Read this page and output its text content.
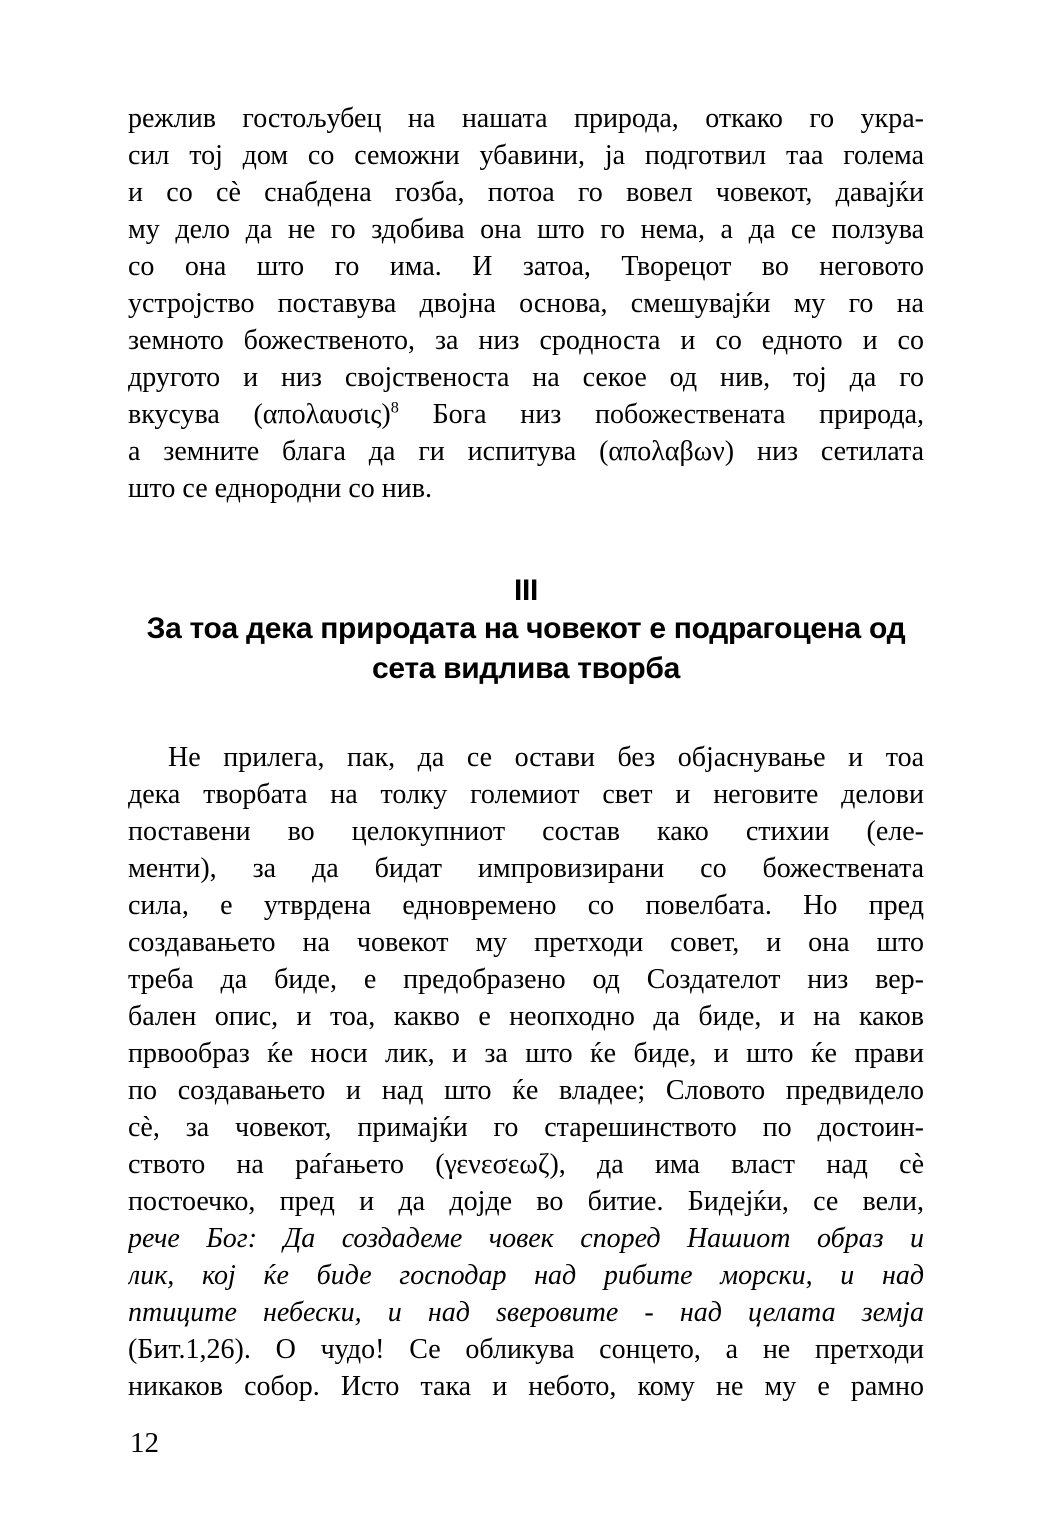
режлив гостољубец на нашата природа, откако го укра-
сил тој дом со семожни убавини, ја подготвил таа голема
и со сѐ снабдена гозба, потоа го вовел човекот, давајќи
му дело да не го здобива она што го нема, а да се ползува
со она што го има. И затоа, Творецот во неговото
устројство поставува двојна основа, смешувајќи му го на
земното божественото, за низ сродноста и со едното и со
другото и низ својственоста на секое од нив, тој да го
вкусува $(\alpha\pi o\lambda\alpha\upsilon\sigma\iota\varsigma)^8$ Бога низ побожествената природа,
а земните блага да ги испитува (απολαβων) низ сетилата
што се еднородни со нив.
III
За тоа дека природата на човекот е подрагоцена од
сета видлива творба
Не прилега, пак, да се остави без објаснување и тоа
дека творбата на толку големиот свет и неговите делови
поставени во целокупниот состав како стихии (еле-
менти), за да бидат импровизирани со божествената
сила, е утврдена едновремено со повелбата. Но пред
создавањето на човекот му претходи совет, и она што
треба да биде, е предобразено од Создателот низ вер-
бален опис, и тоа, какво е неопходно да биде, и на каков
првообраз ќе носи лик, и за што ќе биде, и што ќе прави
по создавањето и над што ќе владее; Словото предвидело
сѐ, за човекот, примајќи го старешинството по достоин-
ството на раѓањето (γενεσεωζ), да има власт над сѐ
постоечко, пред и да дојде во битие. Бидејќи, се вели,
рече Бог: Да создадеме човек според Нашиот образ и
лик, кој ќе биде господар над рибите морски, и над
птиците небески, и над ѕверовите - над целата земја
(Бит.1,26). О чудо! Се обликува сонцето, а не претходи
никаков собор. Исто така и небото, кому не му е рамно
12
